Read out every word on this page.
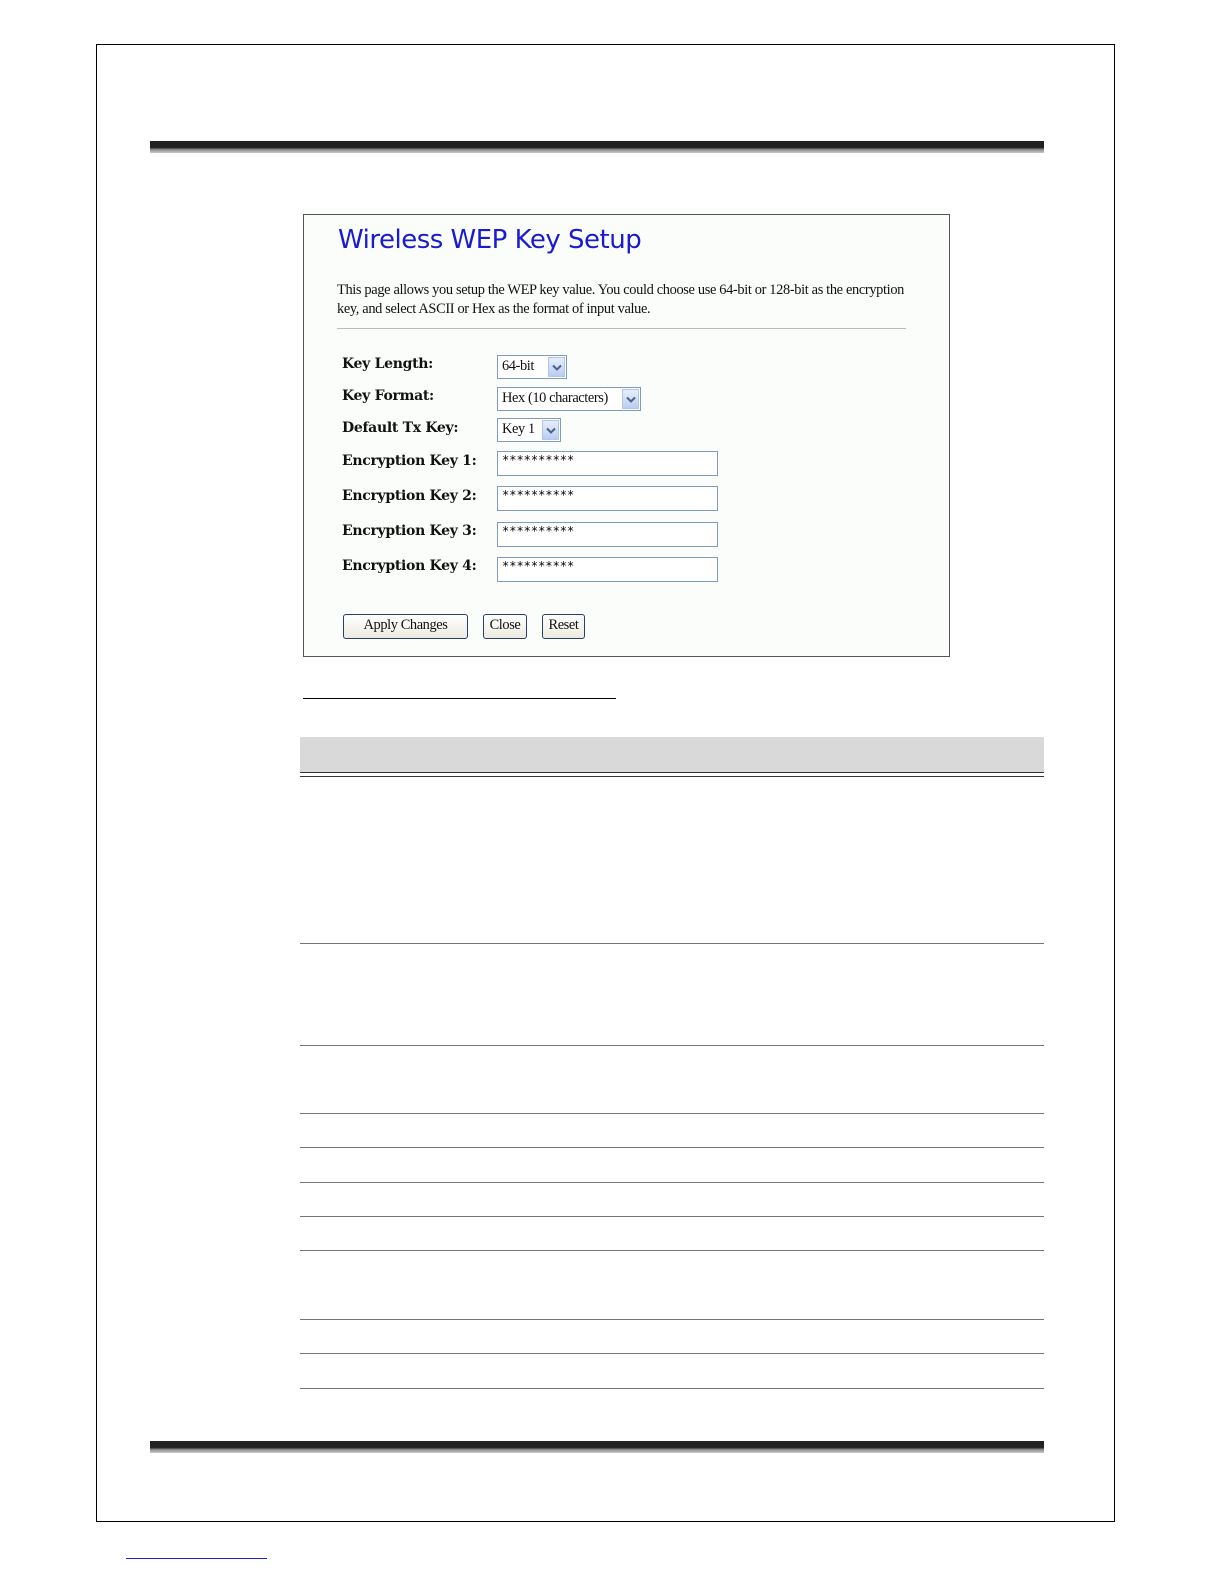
Wireless WEP Key Setup
This page allows you setup the WEP key value. You could choose use 64-bit or 128-bit as the encryption key, and select ASCII or Hex as the format of input value.
Key Length:	64-bit
Key Format:	Hex (10 characters)
Default Tx Key:	Key 1
Encryption Key 1:	**********
Encryption Key 2:	**********
Encryption Key 3:	**********
Encryption Key 4:	**********
Apply Changes	Close	Reset
